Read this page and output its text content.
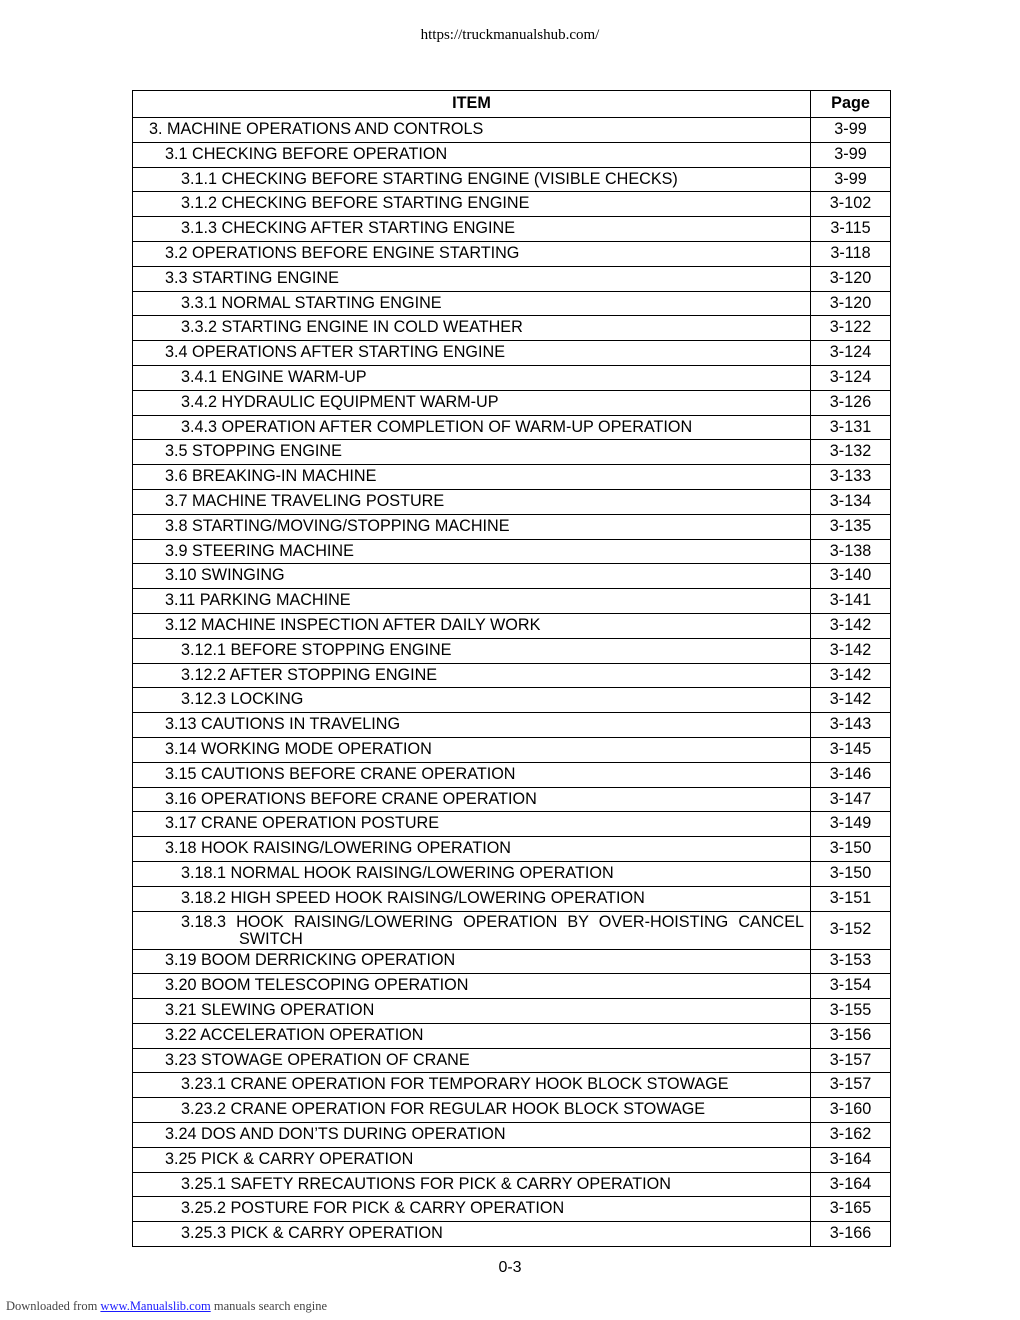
https://truckmanualshub.com/
ITEM	Page
3. MACHINE OPERATIONS AND CONTROLS	3-99
3.1 CHECKING BEFORE OPERATION	3-99
3.1.1 CHECKING BEFORE STARTING ENGINE (VISIBLE CHECKS)	3-99
3.1.2 CHECKING BEFORE STARTING ENGINE	3-102
3.1.3 CHECKING AFTER STARTING ENGINE	3-115
3.2 OPERATIONS BEFORE ENGINE STARTING	3-118
3.3 STARTING ENGINE	3-120
3.3.1 NORMAL STARTING ENGINE	3-120
3.3.2 STARTING ENGINE IN COLD WEATHER	3-122
3.4 OPERATIONS AFTER STARTING ENGINE	3-124
3.4.1 ENGINE WARM-UP	3-124
3.4.2 HYDRAULIC EQUIPMENT WARM-UP	3-126
3.4.3 OPERATION AFTER COMPLETION OF WARM-UP OPERATION	3-131
3.5 STOPPING ENGINE	3-132
3.6 BREAKING-IN MACHINE	3-133
3.7 MACHINE TRAVELING POSTURE	3-134
3.8 STARTING/MOVING/STOPPING MACHINE	3-135
3.9 STEERING MACHINE	3-138
3.10 SWINGING	3-140
3.11 PARKING MACHINE	3-141
3.12 MACHINE INSPECTION AFTER DAILY WORK	3-142
3.12.1 BEFORE STOPPING ENGINE	3-142
3.12.2 AFTER STOPPING ENGINE	3-142
3.12.3 LOCKING	3-142
3.13 CAUTIONS IN TRAVELING	3-143
3.14 WORKING MODE OPERATION	3-145
3.15 CAUTIONS BEFORE CRANE OPERATION	3-146
3.16 OPERATIONS BEFORE CRANE OPERATION	3-147
3.17 CRANE OPERATION POSTURE	3-149
3.18 HOOK RAISING/LOWERING OPERATION	3-150
3.18.1 NORMAL HOOK RAISING/LOWERING OPERATION	3-150
3.18.2 HIGH SPEED HOOK RAISING/LOWERING OPERATION	3-151

3.18.3 HOOK RAISING/LOWERING OPERATION BY OVER-HOISTING CANCEL
SWITCH	3-152
3.19 BOOM DERRICKING OPERATION	3-153
3.20 BOOM TELESCOPING OPERATION	3-154
3.21 SLEWING OPERATION	3-155
3.22 ACCELERATION OPERATION	3-156
3.23 STOWAGE OPERATION OF CRANE	3-157
3.23.1 CRANE OPERATION FOR TEMPORARY HOOK BLOCK STOWAGE	3-157
3.23.2 CRANE OPERATION FOR REGULAR HOOK BLOCK STOWAGE	3-160
3.24 DOS AND DON’TS DURING OPERATION	3-162
3.25 PICK & CARRY OPERATION	3-164
3.25.1 SAFETY RRECAUTIONS FOR PICK & CARRY OPERATION	3-164
3.25.2 POSTURE FOR PICK & CARRY OPERATION	3-165
3.25.3 PICK & CARRY OPERATION	3-166
0-3
Downloaded from www.Manualslib.com manuals search engine
